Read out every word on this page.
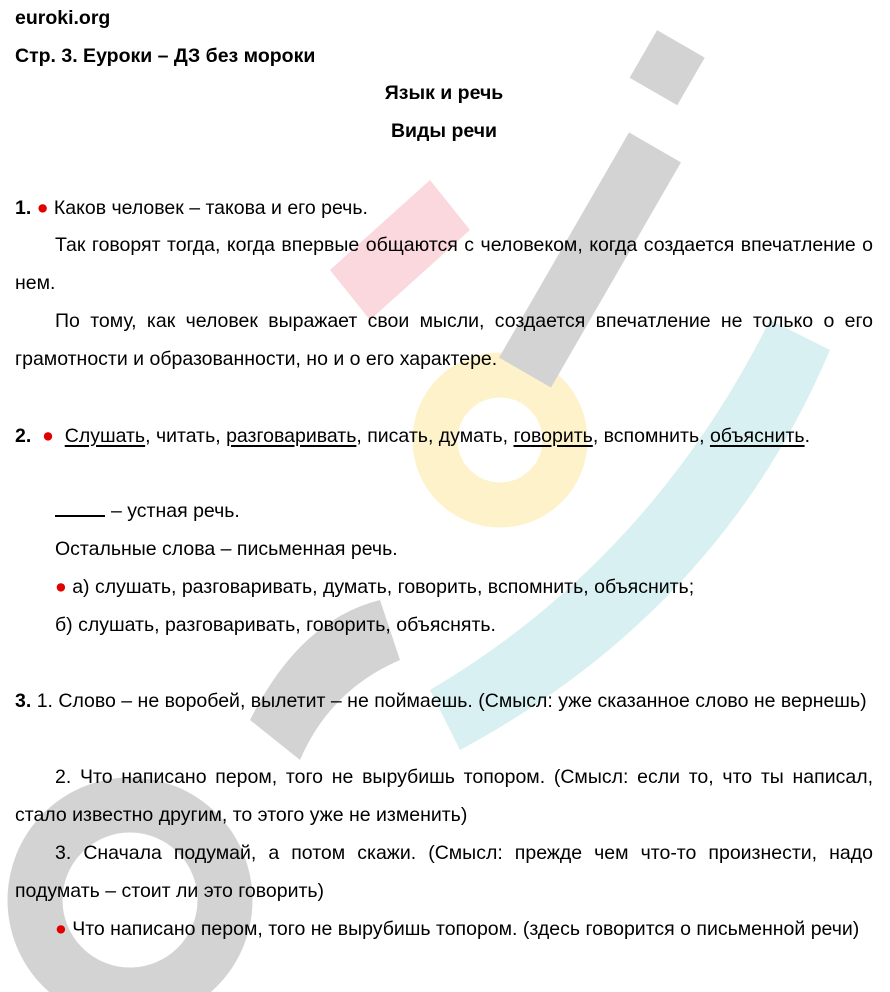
euroki.org
Стр. 3. Еуроки – ДЗ без мороки
Язык и речь
Виды речи
1. ● Каков человек – такова и его речь.

Так говорят тогда, когда впервые общаются с человеком, когда создается впечатление о нем.

По тому, как человек выражает свои мысли, создается впечатление не только о его грамотности и образованности, но и о его характере.

2. ● Слушать, читать, разговаривать, писать, думать, говорить, вспомнить, объяснить.

– устная речь.
Остальные слова – письменная речь.
● а) слушать, разговаривать, думать, говорить, вспомнить, объяснить;
б) слушать, разговаривать, говорить, объяснять.

3. 1. Слово – не воробей, вылетит – не поймаешь. (Смысл: уже сказанное слово не вернешь)

2. Что написано пером, того не вырубишь топором. (Смысл: если то, что ты написал, стало известно другим, то этого уже не изменить)

3. Сначала подумай, а потом скажи. (Смысл: прежде чем что-то произнести, надо подумать – стоит ли это говорить)

● Что написано пером, того не вырубишь топором. (здесь говорится о письменной речи)
